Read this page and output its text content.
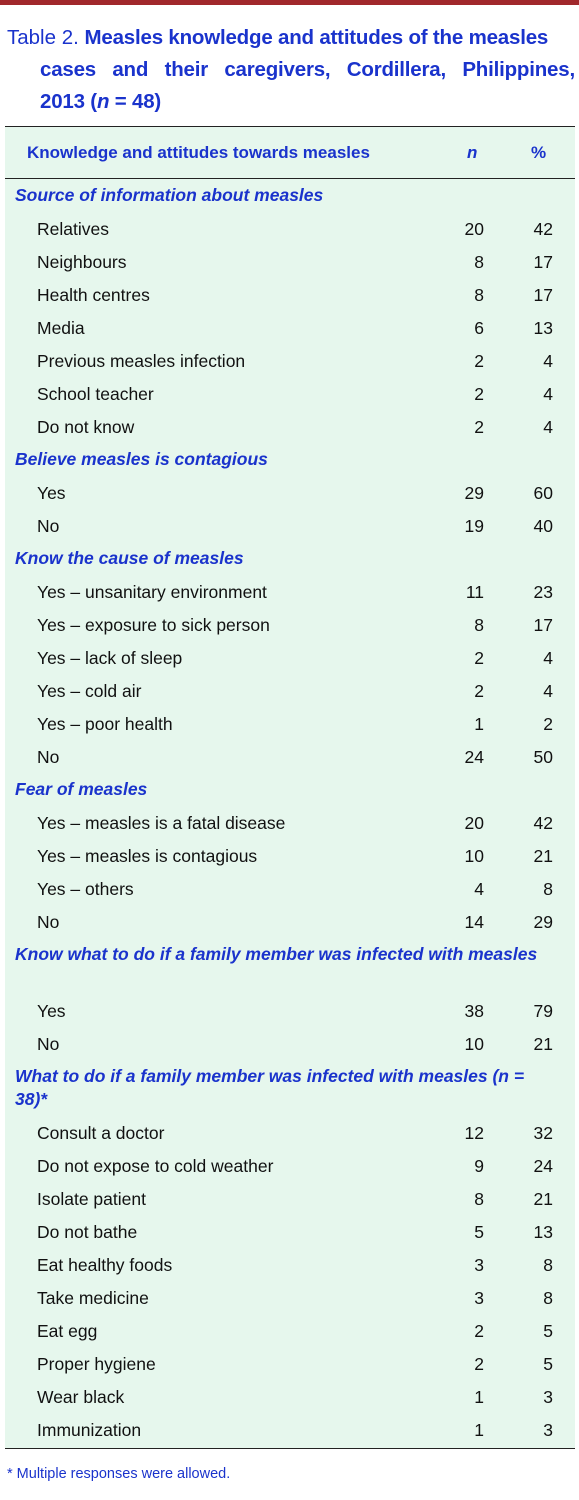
Table 2. Measles knowledge and attitudes of the measles
cases and their caregivers, Cordillera, Philippines,
2013 (n = 48)
Knowledge and attitudes towards measles	n	%
Source of information about measles
Relatives	20	42
Neighbours	8	17
Health centres	8	17
Media	6	13
Previous measles infection	2	4
School teacher	2	4
Do not know	2	4
Believe measles is contagious
Yes	29	60
No	19	40
Know the cause of measles
Yes – unsanitary environment	11	23
Yes – exposure to sick person	8	17
Yes – lack of sleep	2	4
Yes – cold air	2	4
Yes – poor health	1	2
No	24	50
Fear of measles
Yes – measles is a fatal disease	20	42
Yes – measles is contagious	10	21
Yes – others	4	8
No	14	29
Know what to do if a family member was infected with measles
Yes	38	79
No	10	21
What to do if a family member was infected with measles (n = 38)*
Consult a doctor	12	32
Do not expose to cold weather	9	24
Isolate patient	8	21
Do not bathe	5	13
Eat healthy foods	3	8
Take medicine	3	8
Eat egg	2	5
Proper hygiene	2	5
Wear black	1	3
Immunization	1	3
* Multiple responses were allowed.
